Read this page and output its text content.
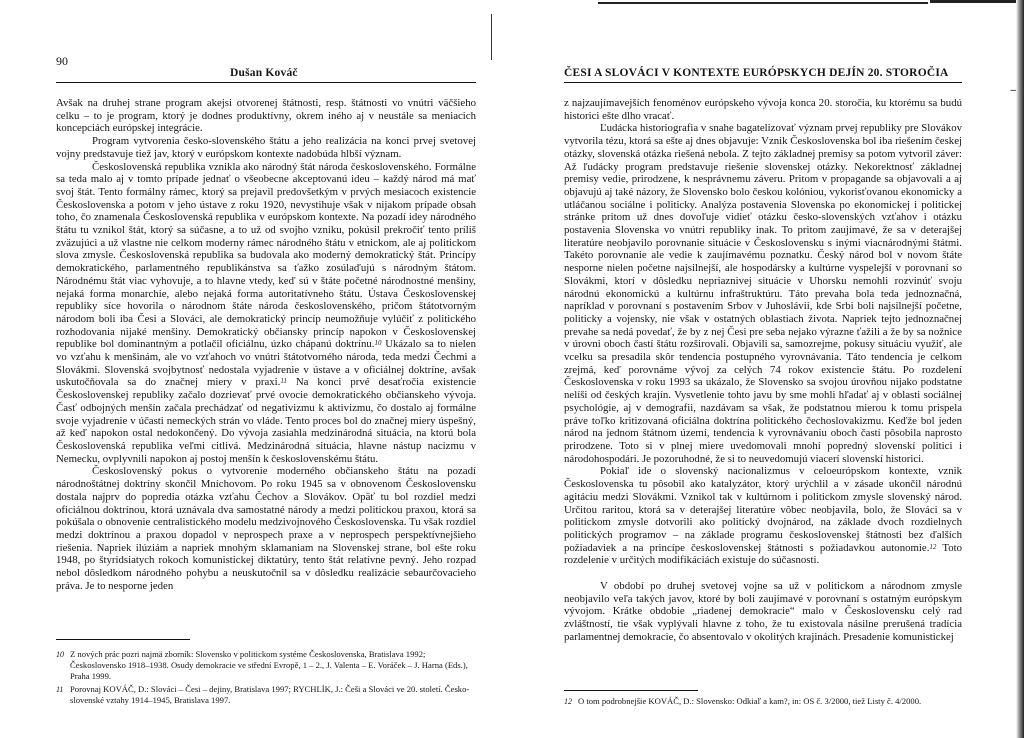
90
Dušan Kováč

Avšak na druhej strane program akejsi otvorenej štátnosti, resp. štátnosti vo vnútri väčšieho celku – to je program, ktorý je dodnes produktívny, okrem iného aj v neustále sa meniacich koncepciách európskej integrácie.

Program vytvorenia česko-slovenského štátu a jeho realizácia na konci prvej svetovej vojny predstavuje tiež jav, ktorý v európskom kontexte nadobúda hlbší význam.

Československá republika vznikla ako národný štát národa československého. Formálne sa teda malo aj v tomto prípade jednať o všeobecne akceptovanú ideu – každý národ má mať svoj štát. Tento formálny rámec, ktorý sa prejavil predovšetkým v prvých mesiacoch existencie Československa a potom v jeho ústave z roku 1920, nevystihuje však v nijakom prípade obsah toho, čo znamenala Československá republika v európskom kontexte. Na pozadí idey národného štátu tu vznikol štát, ktorý sa súčasne, a to už od svojho vzniku, pokúsil prekročiť tento príliš zväzujúci a už vlastne nie celkom moderny rámec národného štátu v etnickom, ale aj politickom slova zmysle. Československá republika sa budovala ako moderný demokratický štát. Princípy demokratického, parlamentného republikánstva sa ťažko zosúlaďujú s národným štátom. Národnému štát viac vyhovuje, a to hlavne vtedy, keď sú v štáte početné národnostné menšiny, nejaká forma monarchie, alebo nejaká forma autoritatívneho štátu. Ústava Československej republiky síce hovorila o národnom štáte národa československého, pričom štátotvorným národom boli iba Česi a Slováci, ale demokratický princíp neumožňuje vylúčiť z politického rozhodovania nijaké menšiny. Demokratický občiansky princíp napokon v Československej republike bol dominantným a potlačil oficiálnu, úzko chápanú doktrínu.$^{10}$ Ukázalo sa to nielen vo vzťahu k menšinám, ale vo vzťahoch vo vnútri štátotvorného národa, teda medzi Čechmi a Slovákmi. Slovenská svojbytnosť nedostala vyjadrenie v ústave a v oficiálnej doktríne, avšak uskutočňovala sa do značnej miery v praxi.$^{11}$ Na konci prvé desaťročia existencie Československej republiky začalo dozrievať prvé ovocie demokratického občianskeho vývoja. Časť odbojných menšín začala prechádzať od negativizmu k aktivizmu, čo dostalo aj formálne svoje vyjadrenie v účasti nemeckých strán vo vláde. Tento proces bol do značnej miery úspešný, až keď napokon ostal nedokončený. Do vývoja zasiahla medzinárodná situácia, na ktorú bola Československá republika veľmi citlivá. Medzinárodná situácia, hlavne nástup nacizmu v Nemecku, ovplyvnili napokon aj postoj menšín k československému štátu.

Československý pokus o vytvorenie moderného občianskeho štátu na pozadí národnoštátnej doktríny skončil Mníchovom. Po roku 1945 sa v obnovenom Československu dostala najprv do popredia otázka vzťahu Čechov a Slovákov. Opäť tu bol rozdiel medzi oficiálnou doktrínou, ktorá uznávala dva samostatné národy a medzi politickou praxou, ktorá sa pokúšala o obnovenie centralistického modelu medzivojnového Československa. Tu však rozdiel medzi doktrínou a praxou dopadol v neprospech praxe a v neprospech perspektívnejšieho riešenia. Napriek ilúziám a napriek mnohým sklamaniam na Slovenskej strane, bol ešte roku 1948, po štyridsiatych rokoch komunistickej diktatúry, tento štát relatívne pevný. Jeho rozpad nebol dôsledkom národného pohybu a neuskutočnil sa v dôsledku realizácie sebaurčovacieho práva. Je to nesporne jeden

10 Z nových prác pozri najmä zborník: Slovensko v politickom systéme Československa, Bratislava 1992; Československo 1918–1938. Osudy demokracie ve střední Evropě, 1 – 2., J. Valenta – E. Voráček – J. Harna (Eds.), Praha 1999.

11 Porovnaj KOVÁČ, D.: Slováci – Česi – dejiny, Bratislava 1997; RYCHLÍK, J.: Češi a Slováci ve 20. století. Česko-slovenské vztahy 1914–1945, Bratislava 1997.

ČESI A SLOVÁCI V KONTEXTE EURÓPSKYCH DEJÍN 20. STOROČIA

z najzaujímavejších fenoménov európskeho vývoja konca 20. storočia, ku ktorému sa budú historici ešte dlho vracať.

Ľudácka historiografia v snahe bagatelizovať význam prvej republiky pre Slovákov vytvorila tézu, ktorá sa ešte aj dnes objavuje: Vznik Československa bol iba riešením českej otázky, slovenská otázka riešená nebola. Z tejto základnej premisy sa potom vytvoril záver: Až ľudácky program predstavuje riešenie slovenskej otázky. Nekorektnosť základnej premisy vedie, prirodzene, k nesprávnemu záveru. Pritom v propagande sa objavovali a aj objavujú aj také názory, že Slovensko bolo českou kolóniou, vykorisťovanou ekonomicky a utláčanou sociálne i politicky. Analýza postavenia Slovenska po ekonomickej i politickej stránke pritom už dnes dovoľuje vidieť otázku česko-slovenských vzťahov i otázku postavenia Slovenska vo vnútri republiky inak. To pritom zaujímavé, že sa v deterajšej literatúre neobjavilo porovnanie situácie v Československu s inými viacnárodnými štátmi. Takéto porovnanie ale vedie k zaujímavému poznatku. Český národ bol v novom štáte nesporne nielen početne najsilnejší, ale hospodársky a kultúrne vyspelejší v porovnaní so Slovákmi, ktorí v dôsledku nepriaznivej situácie v Uhorsku nemohli rozvinúť svoju národnú ekonomickú a kultúrnu infraštruktúru. Táto prevaha bola teda jednoznačná, napríklad v porovnaní s postavením Srbov v Juhoslávii, kde Srbi boli najsilnejší početne, politicky a vojensky, nie však v ostatných oblastiach života. Napriek tejto jednoznačnej prevahe sa nedá povedať, že by z nej Česi pre seba nejako výrazne ťažili a že by sa nožnice v úrovni oboch častí štátu rozširovali. Objavili sa, samozrejme, pokusy situáciu využiť, ale vcelku sa presadila skôr tendencia postupného vyrovnávania. Táto tendencia je celkom zrejmá, keď porovnáme vývoj za celých 74 rokov existencie štátu. Po rozdelení Československa v roku 1993 sa ukázalo, že Slovensko sa svojou úrovňou nijako podstatne nelíši od českých krajín. Vysvetlenie tohto javu by sme mohli hľadať aj v oblasti sociálnej psychológie, aj v demografii, nazdávam sa však, že podstatnou mierou k tomu prispela práve toľko kritizovaná oficiálna doktrína politického čechoslovakizmu. Keďže bol jeden národ na jednom štátnom území, tendencia k vyrovnávaniu oboch častí pôsobila naprosto prirodzene. Toto si v plnej miere uvedomovali mnohí popredný slovenskí politici i národohospodári. Je pozoruhodné, že si to neuvedomujú viacerí slovenskí historici.

Pokiaľ ide o slovenský nacionalizmus v celoeurópskom kontexte, vznik Československa tu pôsobil ako katalyzátor, ktorý urýchlil a v zásade ukončil národnú agitáciu medzi Slovákmi. Vznikol tak v kultúrnom i politickom zmysle slovenský národ. Určitou raritou, ktorá sa v deterajšej literatúre vôbec neobjavila, bolo, že Slováci sa v politickom zmysle dotvorili ako politický dvojnárod, na základe dvoch rozdielnych politických programov – na základe programu československej štátnosti bez ďalších požiadaviek a na princípe československej štátnosti s požiadavkou autonomie.$^{12}$ Toto rozdelenie v určitých modifikáciách existuje do súčasnosti.

V období po druhej svetovej vojne sa už v politickom a národnom zmysle neobjavilo veľa takých javov, ktoré by boli zaujímavé v porovnaní s ostatným európskym vývojom. Krátke obdobie „riadenej demokracie“ malo v Československu celý rad zvláštností, tie však vyplývali hlavne z toho, že tu existovala násilne prerušená tradícia parlamentnej demokracie, čo absentovalo v okolitých krajinách. Presadenie komunistickej

12 O tom podrobnejšie KOVÁČ, D.: Slovensko: Odkiaľ a kam?, in: OS č. 3/2000, tiež Listy č. 4/2000.

–
